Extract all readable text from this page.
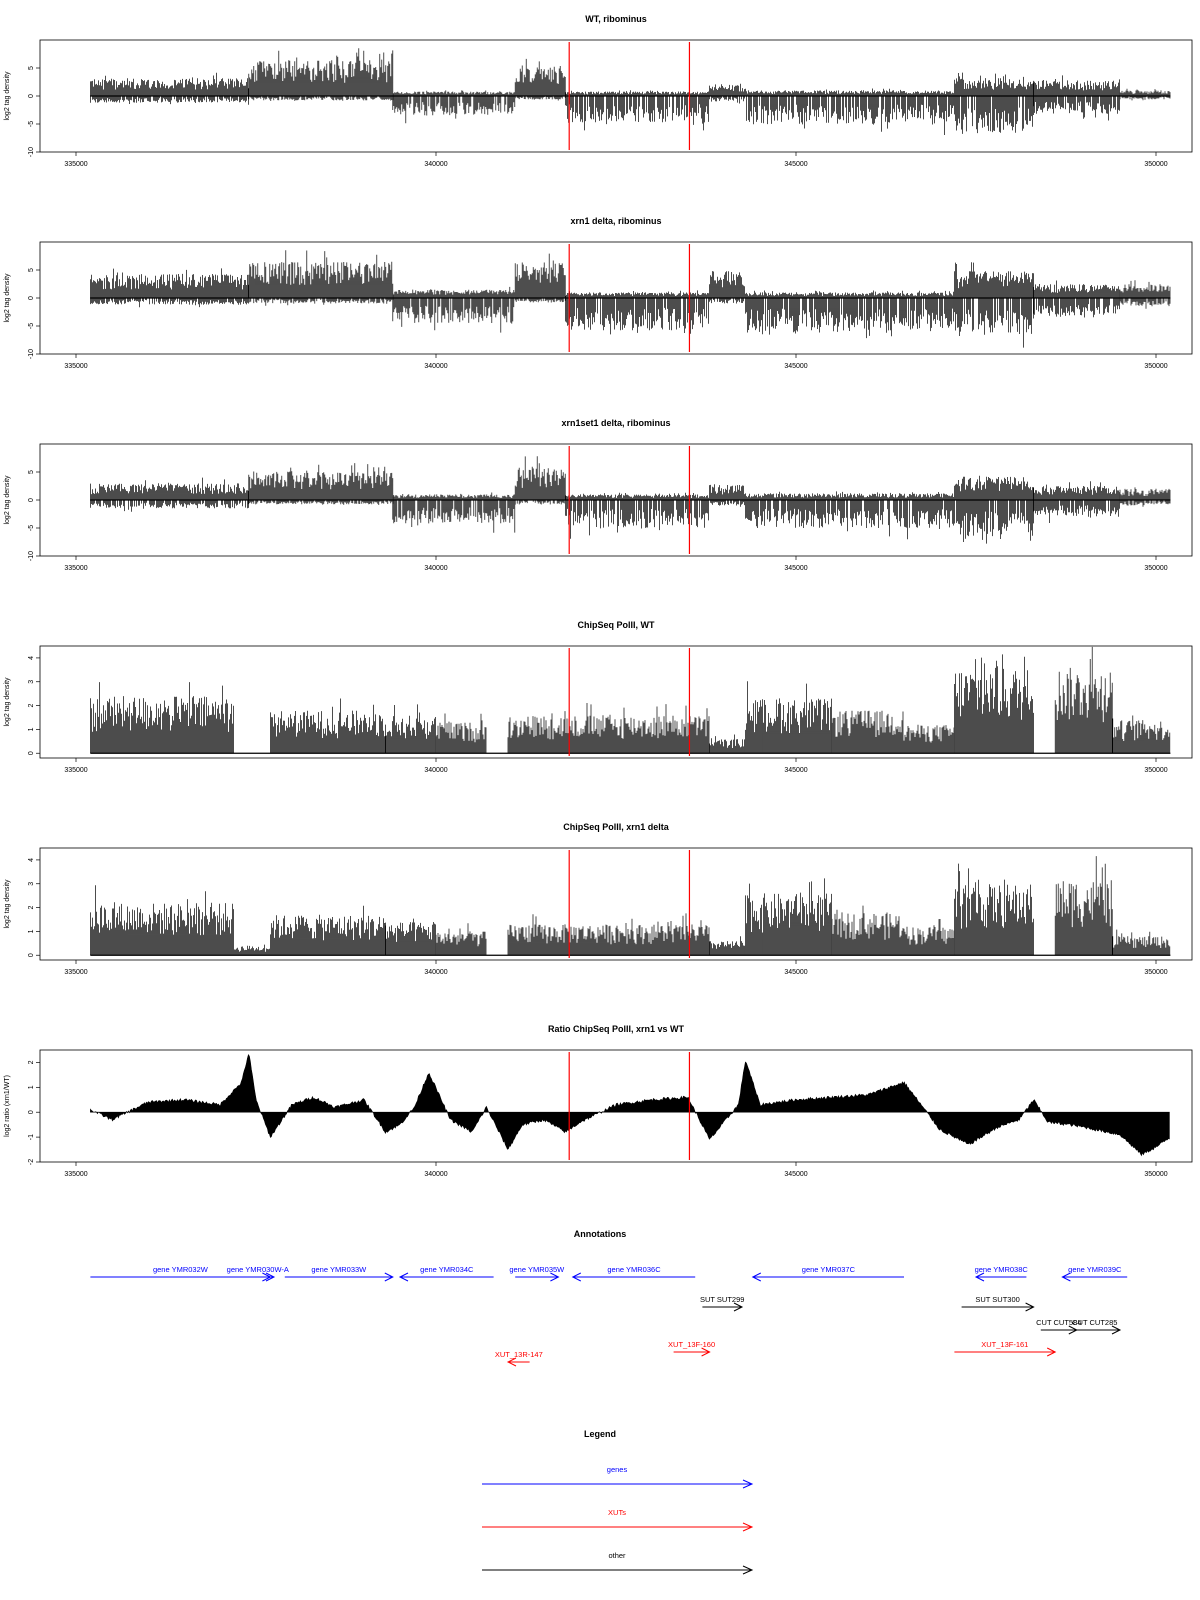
WT, ribominus
log2 tag density
-10
-5
0
5
335000	340000	345000	350000
xrn1 delta, ribominus
log2 tag density
-10
-5
0
5
335000	340000	345000	350000
xrn1set1 delta, ribominus
log2 tag density
-10
-5
0
5
335000	340000	345000	350000
ChipSeq PolII, WT
log2 tag density
0
1
2
3
4
335000	340000	345000	350000
ChipSeq PolII, xrn1 delta
log2 tag density
0
1
2
3
4
335000	340000	345000	350000
Ratio ChipSeq PolII, xrn1 vs WT
log2 ratio (xrn1/WT)
-2
-1
0
1
2
335000	340000	345000	350000
Annotations
gene YMR032W	gene YMR030W-A	gene YMR033W	gene YMR034C	gene YMR035W	gene YMR036C	gene YMR037C	gene YMR038C	gene YMR039C
SUT SUT299	SUT SUT300
CUT CUT584
CUT CUT285
XUT_13F-160	XUT_13F-161
XUT_13R-147
Legend
genes
XUTs
other
